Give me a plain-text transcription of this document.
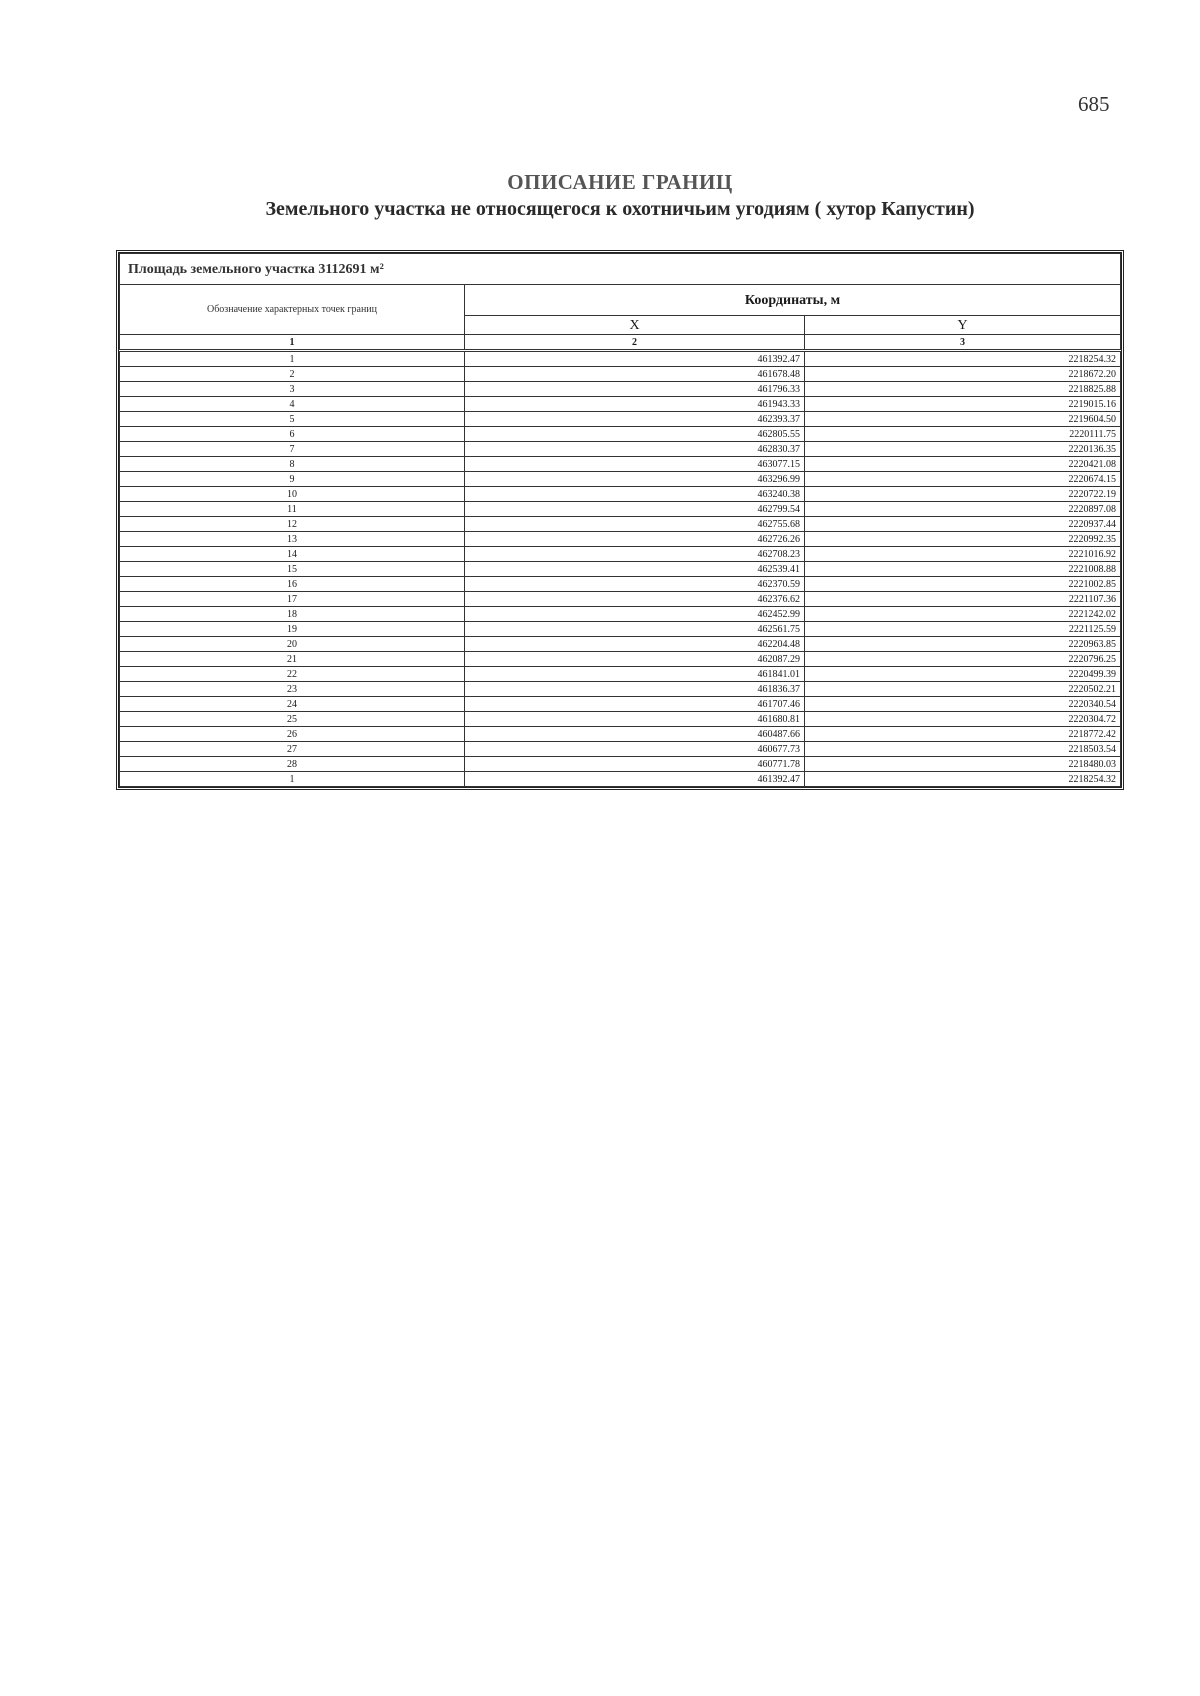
685
ОПИСАНИЕ ГРАНИЦ
Земельного участка не относящегося к охотничьим угодиям ( хутор Капустин)
Площадь земельного участка 3112691 м²		
Обозначение характерных точек границ	Координаты, м	
	X	Y
1	2	3
1	461392.47	2218254.32
2	461678.48	2218672.20
3	461796.33	2218825.88
4	461943.33	2219015.16
5	462393.37	2219604.50
6	462805.55	2220111.75
7	462830.37	2220136.35
8	463077.15	2220421.08
9	463296.99	2220674.15
10	463240.38	2220722.19
11	462799.54	2220897.08
12	462755.68	2220937.44
13	462726.26	2220992.35
14	462708.23	2221016.92
15	462539.41	2221008.88
16	462370.59	2221002.85
17	462376.62	2221107.36
18	462452.99	2221242.02
19	462561.75	2221125.59
20	462204.48	2220963.85
21	462087.29	2220796.25
22	461841.01	2220499.39
23	461836.37	2220502.21
24	461707.46	2220340.54
25	461680.81	2220304.72
26	460487.66	2218772.42
27	460677.73	2218503.54
28	460771.78	2218480.03
1	461392.47	2218254.32
